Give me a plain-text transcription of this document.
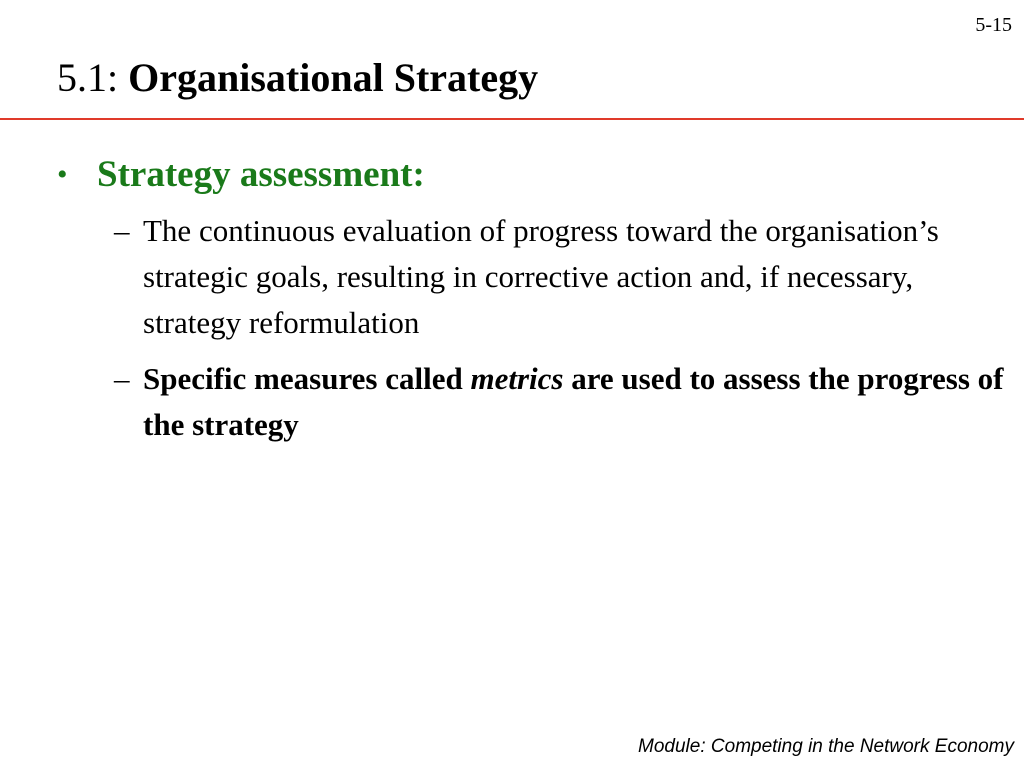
5-15
5.1: Organisational Strategy
• Strategy assessment:
– The continuous evaluation of progress toward the organisation’s strategic goals, resulting in corrective action and, if necessary, strategy reformulation
– Specific measures called metrics are used to assess the progress of the strategy
Module: Competing in the Network Economy
